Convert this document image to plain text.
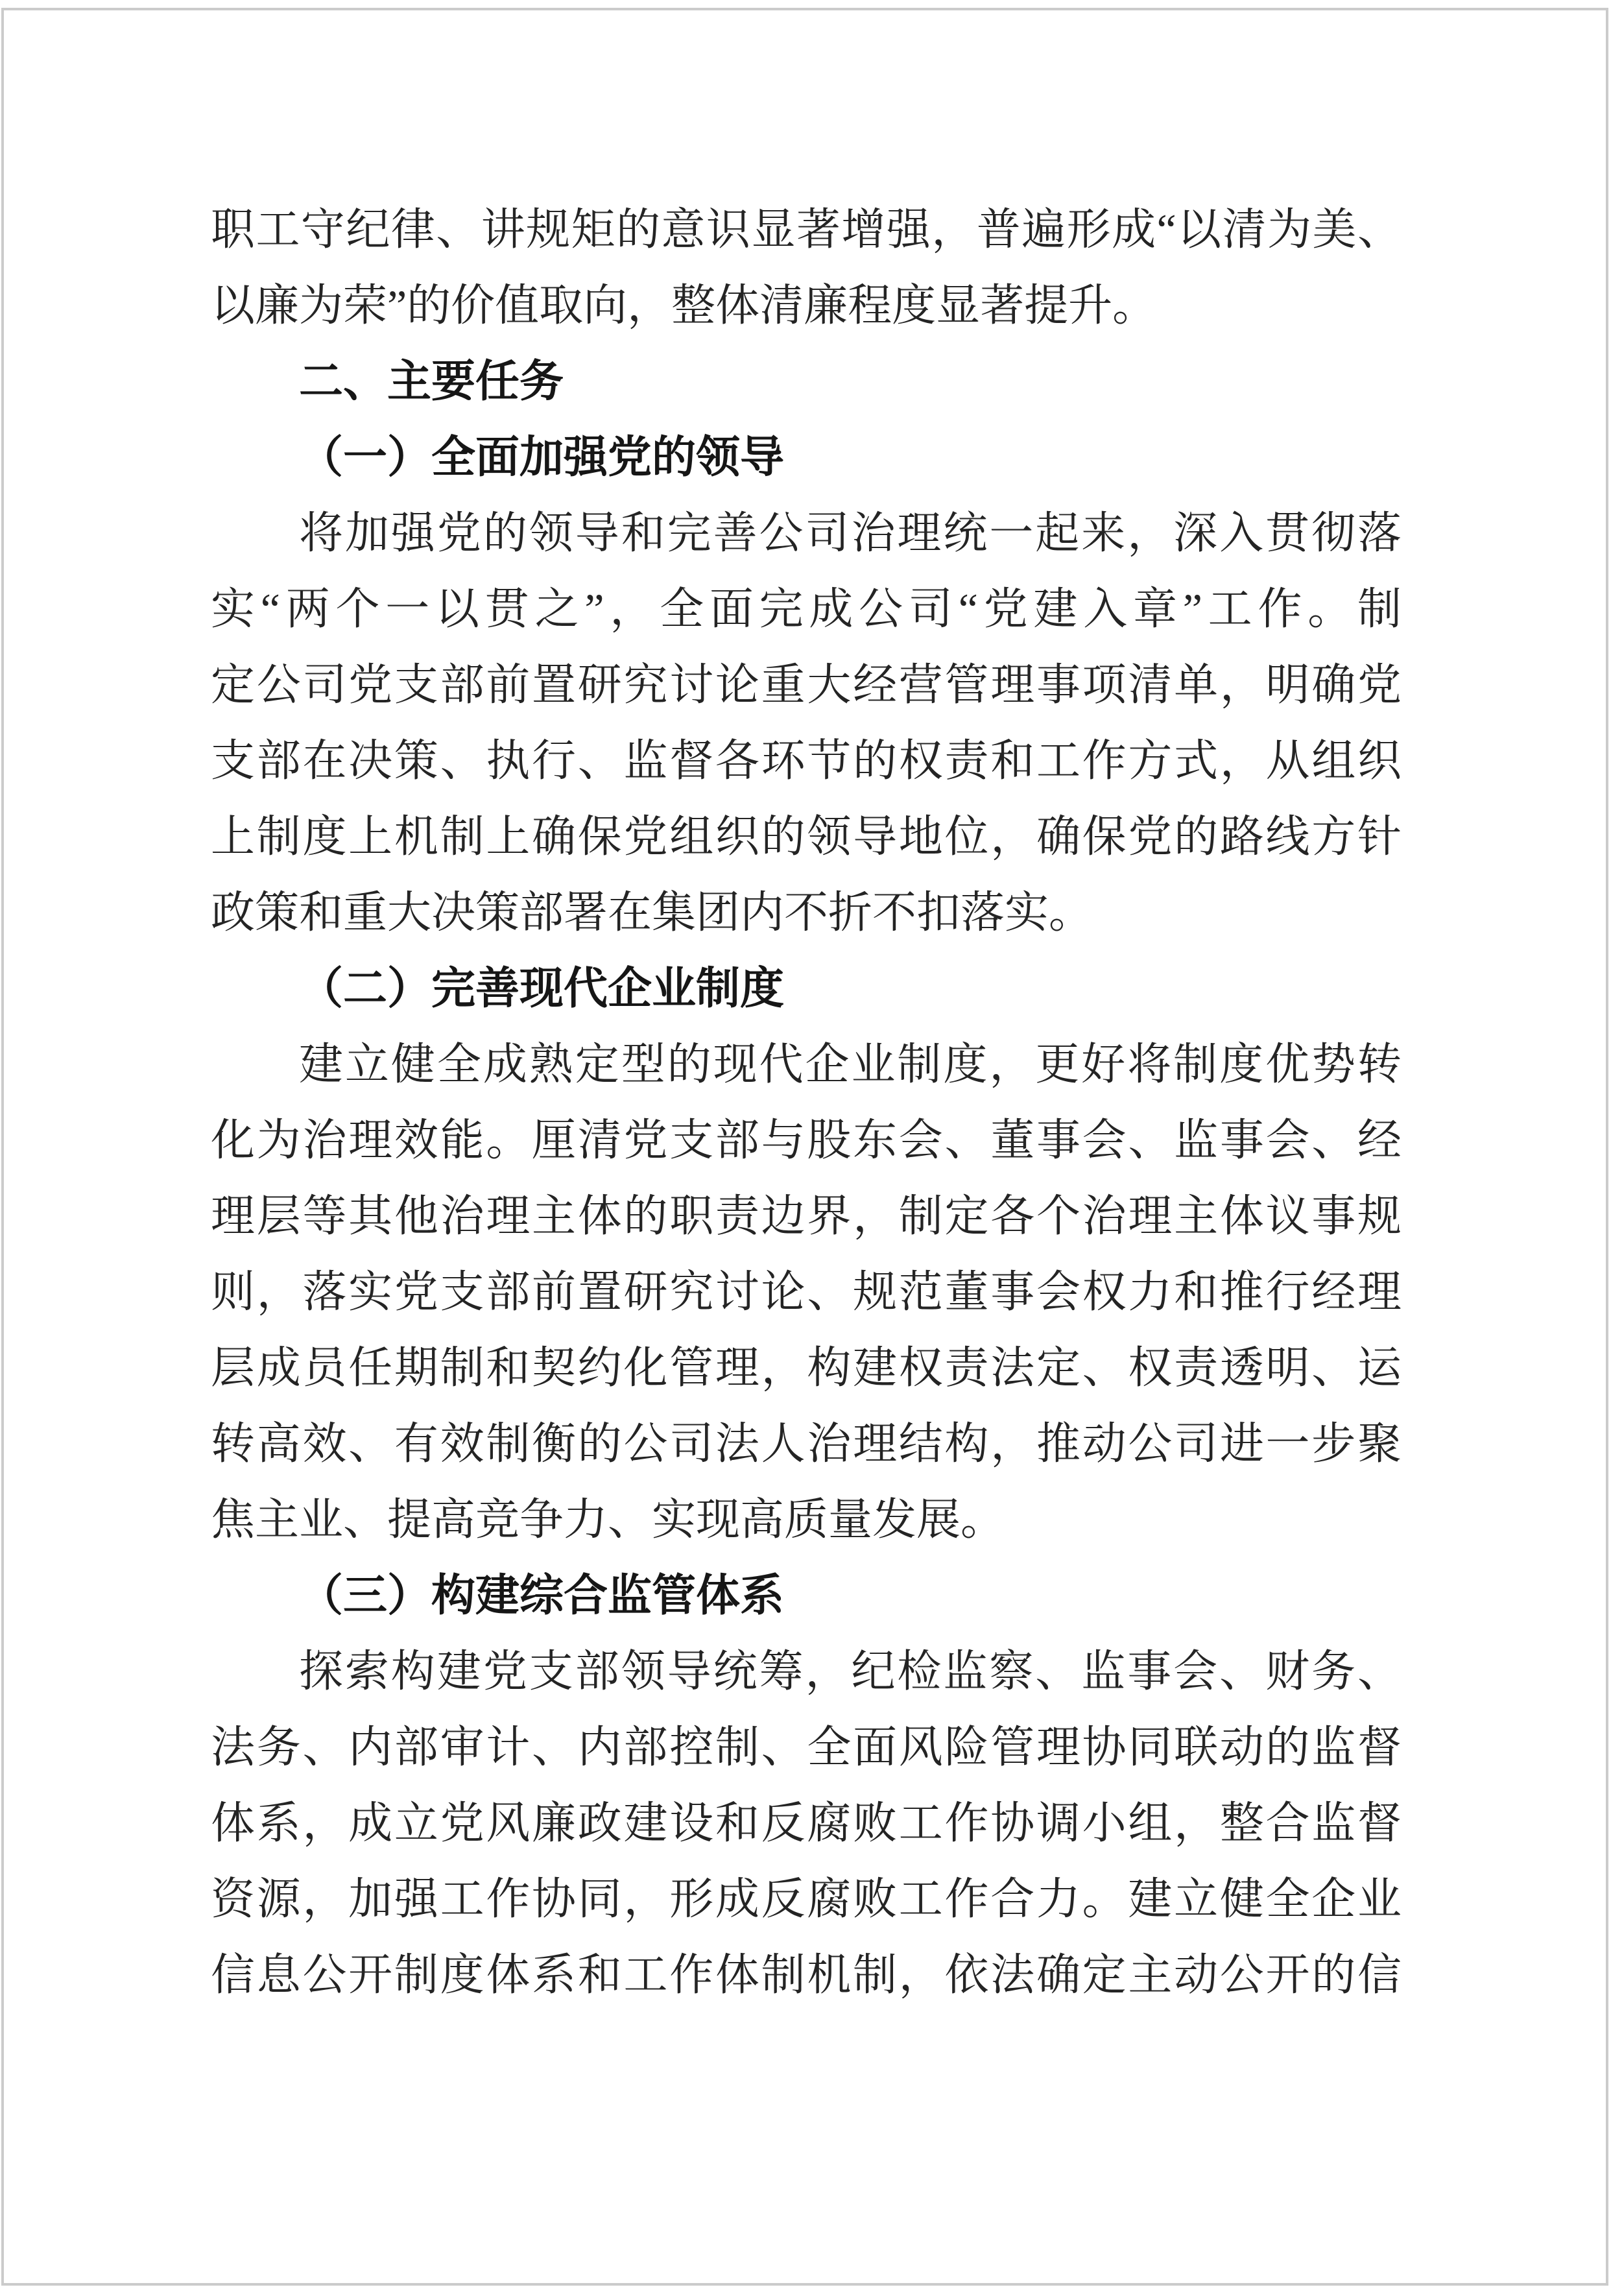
职工守纪律、讲规矩的意识显著增强，普遍形成“以清为美、
以廉为荣”的价值取向，整体清廉程度显著提升。
二、主要任务
（一）全面加强党的领导
将加强党的领导和完善公司治理统一起来，深入贯彻落
实“两个一以贯之”，全面完成公司“党建入章”工作。制
定公司党支部前置研究讨论重大经营管理事项清单，明确党
支部在决策、执行、监督各环节的权责和工作方式，从组织
上制度上机制上确保党组织的领导地位，确保党的路线方针
政策和重大决策部署在集团内不折不扣落实。
（二）完善现代企业制度
建立健全成熟定型的现代企业制度，更好将制度优势转
化为治理效能。厘清党支部与股东会、董事会、监事会、经
理层等其他治理主体的职责边界，制定各个治理主体议事规
则，落实党支部前置研究讨论、规范董事会权力和推行经理
层成员任期制和契约化管理，构建权责法定、权责透明、运
转高效、有效制衡的公司法人治理结构，推动公司进一步聚
焦主业、提高竞争力、实现高质量发展。
（三）构建综合监管体系
探索构建党支部领导统筹，纪检监察、监事会、财务、
法务、内部审计、内部控制、全面风险管理协同联动的监督
体系，成立党风廉政建设和反腐败工作协调小组，整合监督
资源，加强工作协同，形成反腐败工作合力。建立健全企业
信息公开制度体系和工作体制机制，依法确定主动公开的信
